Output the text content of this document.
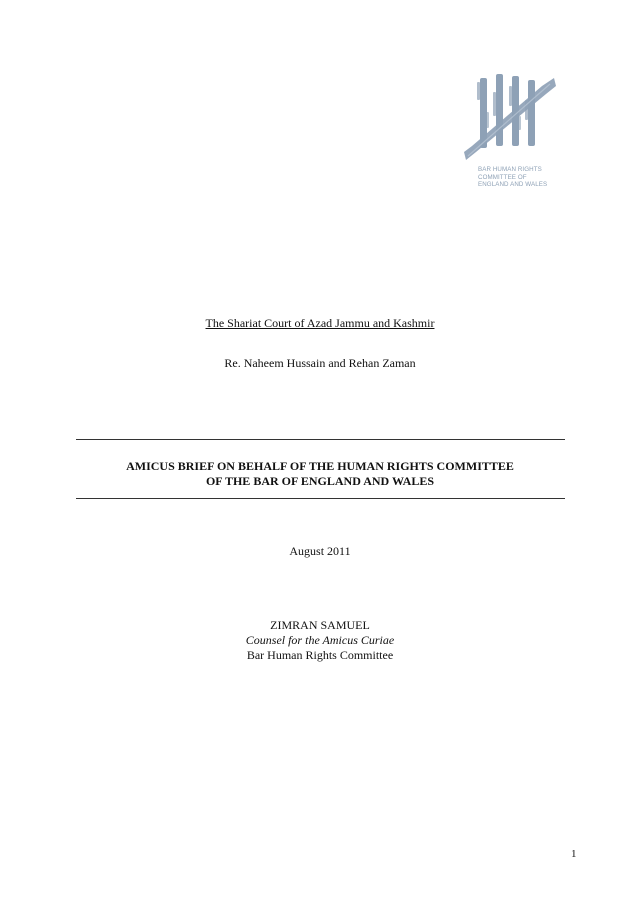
BAR HUMAN RIGHTS
COMMITTEE OF
ENGLAND AND WALES
The Shariat Court of Azad Jammu and Kashmir
Re. Naheem Hussain and Rehan Zaman
AMICUS BRIEF ON BEHALF OF THE HUMAN RIGHTS COMMITTEE
OF THE BAR OF ENGLAND AND WALES
August 2011
ZIMRAN SAMUEL
Counsel for the Amicus Curiae
Bar Human Rights Committee
1
